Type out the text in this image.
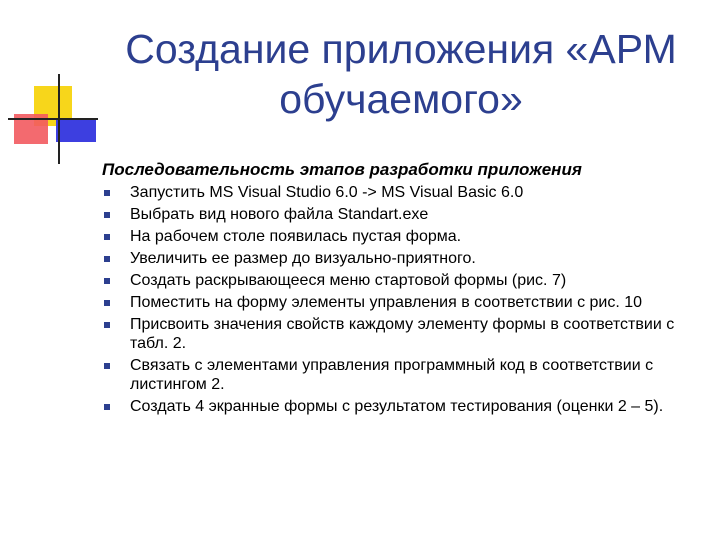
Создание приложения «АРМ
обучаемого»
Последовательность этапов разработки приложения
Запустить MS Visual Studio 6.0 -> MS Visual Basic 6.0
Выбрать вид нового файла Standart.exe
На рабочем столе появилась пустая форма.
Увеличить ее размер до визуально-приятного.
Создать раскрывающееся меню стартовой формы (рис. 7)
Поместить на форму элементы управления в соответствии с рис. 10
Присвоить значения свойств каждому элементу формы в соответствии с табл. 2.
Связать с элементами управления программный код в соответствии с листингом 2.
Создать 4 экранные формы с результатом тестирования (оценки 2 – 5).
